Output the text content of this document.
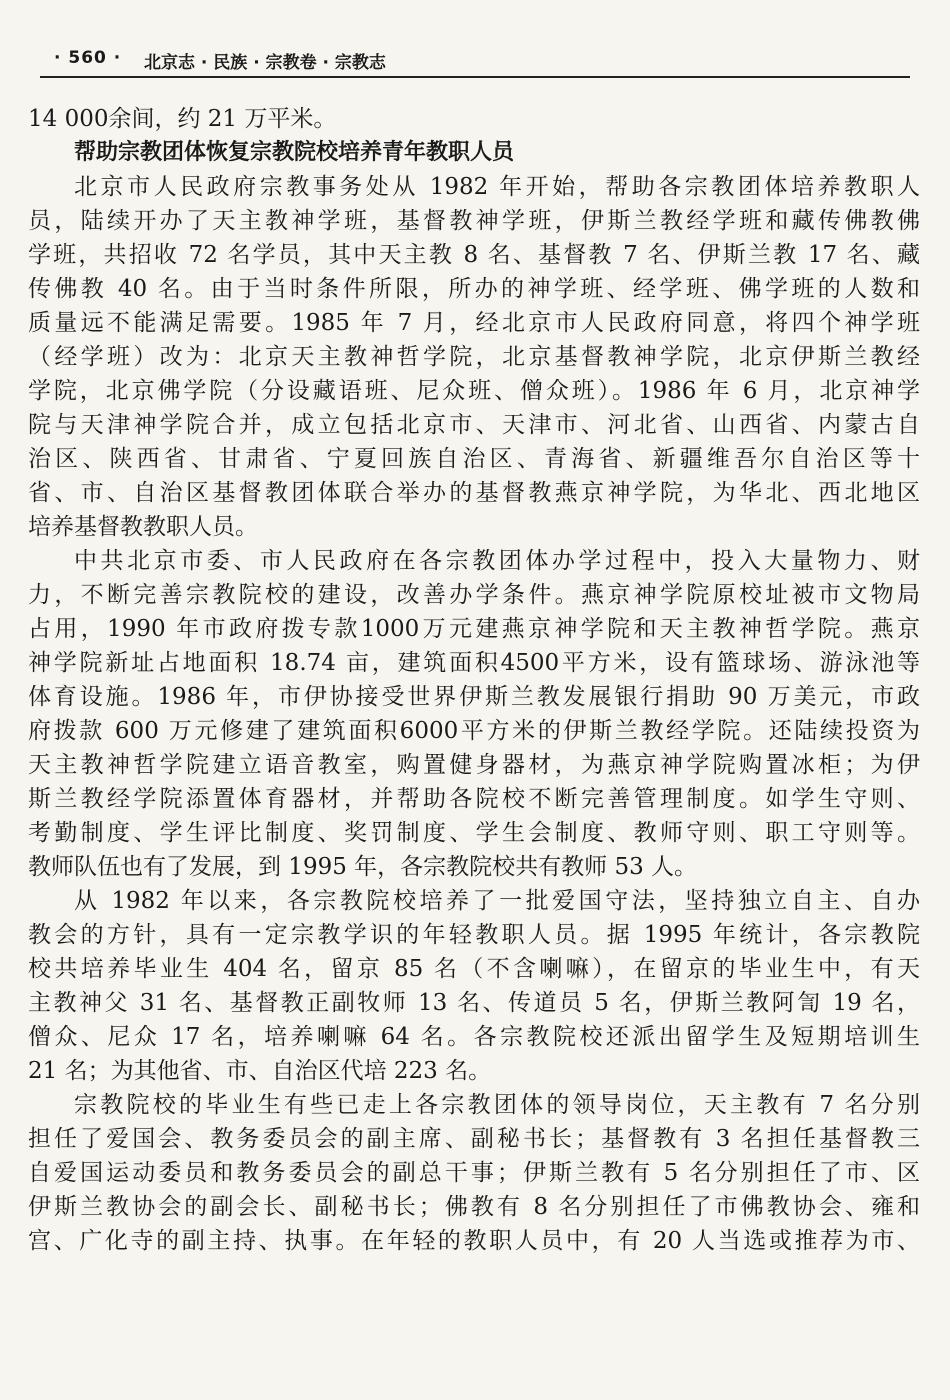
· 560 · 北京志 · 民族 · 宗教卷 · 宗教志
14 000余间，约 21 万平米。
帮助宗教团体恢复宗教院校培养青年教职人员
北京市人民政府宗教事务处从 1982 年开始，帮助各宗教团体培养教职人
员，陆续开办了天主教神学班，基督教神学班，伊斯兰教经学班和藏传佛教佛
学班，共招收 72 名学员，其中天主教 8 名、基督教 7 名、伊斯兰教 17 名、藏
传佛教 40 名。由于当时条件所限，所办的神学班、经学班、佛学班的人数和
质量远不能满足需要。1985 年 7 月，经北京市人民政府同意，将四个神学班
（经学班）改为：北京天主教神哲学院，北京基督教神学院，北京伊斯兰教经
学院，北京佛学院（分设藏语班、尼众班、僧众班）。1986 年 6 月，北京神学
院与天津神学院合并，成立包括北京市、天津市、河北省、山西省、内蒙古自
治区、陕西省、甘肃省、宁夏回族自治区、青海省、新疆维吾尔自治区等十
省、市、自治区基督教团体联合举办的基督教燕京神学院，为华北、西北地区
培养基督教教职人员。
中共北京市委、市人民政府在各宗教团体办学过程中，投入大量物力、财
力，不断完善宗教院校的建设，改善办学条件。燕京神学院原校址被市文物局
占用，1990 年市政府拨专款1000万元建燕京神学院和天主教神哲学院。燕京
神学院新址占地面积 18.74 亩，建筑面积4500平方米，设有篮球场、游泳池等
体育设施。1986 年，市伊协接受世界伊斯兰教发展银行捐助 90 万美元，市政
府拨款 600 万元修建了建筑面积6000平方米的伊斯兰教经学院。还陆续投资为
天主教神哲学院建立语音教室，购置健身器材，为燕京神学院购置冰柜；为伊
斯兰教经学院添置体育器材，并帮助各院校不断完善管理制度。如学生守则、
考勤制度、学生评比制度、奖罚制度、学生会制度、教师守则、职工守则等。
教师队伍也有了发展，到 1995 年，各宗教院校共有教师 53 人。
从 1982 年以来，各宗教院校培养了一批爱国守法，坚持独立自主、自办
教会的方针，具有一定宗教学识的年轻教职人员。据 1995 年统计，各宗教院
校共培养毕业生 404 名，留京 85 名（不含喇嘛），在留京的毕业生中，有天
主教神父 31 名、基督教正副牧师 13 名、传道员 5 名，伊斯兰教阿訇 19 名，
僧众、尼众 17 名，培养喇嘛 64 名。各宗教院校还派出留学生及短期培训生
21 名；为其他省、市、自治区代培 223 名。
宗教院校的毕业生有些已走上各宗教团体的领导岗位，天主教有 7 名分别
担任了爱国会、教务委员会的副主席、副秘书长；基督教有 3 名担任基督教三
自爱国运动委员和教务委员会的副总干事；伊斯兰教有 5 名分别担任了市、区
伊斯兰教协会的副会长、副秘书长；佛教有 8 名分别担任了市佛教协会、雍和
宫、广化寺的副主持、执事。在年轻的教职人员中，有 20 人当选或推荐为市、
